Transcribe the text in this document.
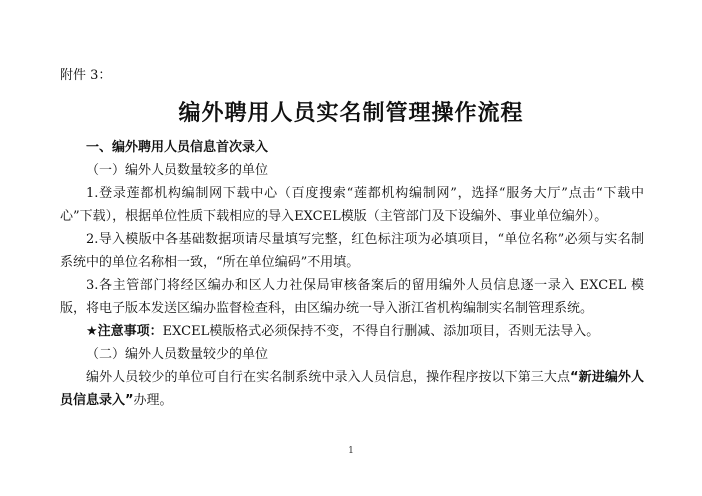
附件 3：
编外聘用人员实名制管理操作流程

一、编外聘用人员信息首次录入

（一）编外人员数量较多的单位

1.登录莲都机构编制网下载中心（百度搜索“莲都机构编制网”，选择“服务大厅”点击“下载中心”下载），根据单位性质下载相应的导入EXCEL模版（主管部门及下设编外、事业单位编外）。

2.导入模版中各基础数据项请尽量填写完整，红色标注项为必填项目，“单位名称”必须与实名制系统中的单位名称相一致，“所在单位编码”不用填。

3.各主管部门将经区编办和区人力社保局审核备案后的留用编外人员信息逐一录入 EXCEL 模版，将电子版本发送区编办监督检查科，由区编办统一导入浙江省机构编制实名制管理系统。

★注意事项：EXCEL模版格式必须保持不变，不得自行删减、添加项目，否则无法导入。

（二）编外人员数量较少的单位

编外人员较少的单位可自行在实名制系统中录入人员信息，操作程序按以下第三大点“新进编外人员信息录入”办理。

1
